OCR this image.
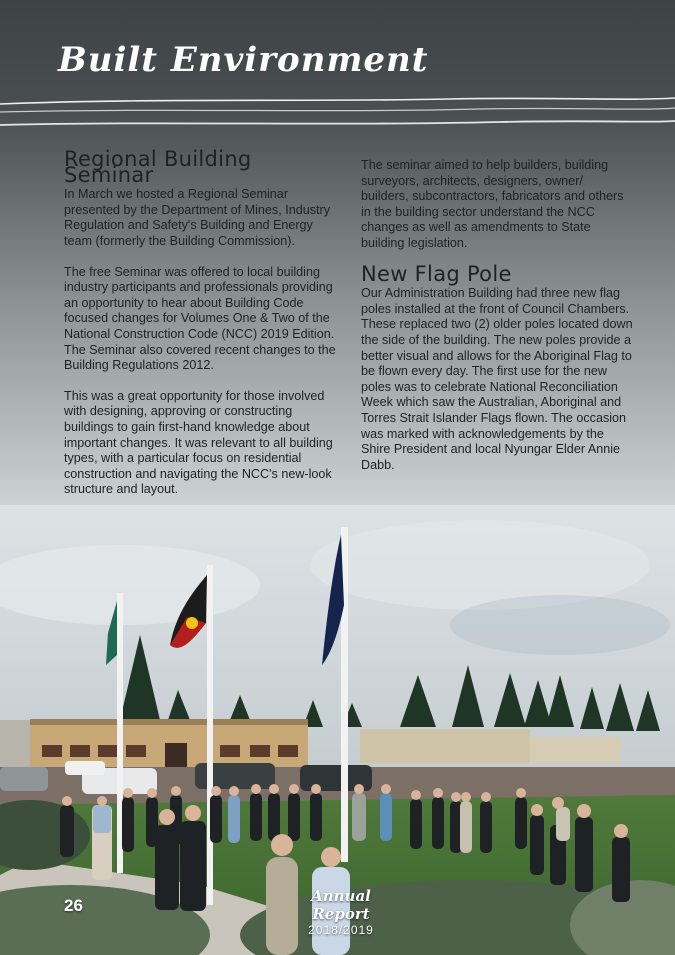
Built Environment
Regional Building Seminar

In March we hosted a Regional Seminar presented by the Department of Mines, Industry Regulation and Safety's Building and Energy team (formerly the Building Commission).

The free Seminar was offered to local building industry participants and professionals providing an opportunity to hear about Building Code focused changes for Volumes One & Two of the National Construction Code (NCC) 2019 Edition. The Seminar also covered recent changes to the Building Regulations 2012.

This was a great opportunity for those involved with designing, approving or constructing buildings to gain first-hand knowledge about important changes. It was relevant to all building types, with a particular focus on residential construction and navigating the NCC's new-look structure and layout.

The seminar aimed to help builders, building surveyors, architects, designers, owner/ builders, subcontractors, fabricators and others in the building sector understand the NCC changes as well as amendments to State building legislation.

New Flag Pole

Our Administration Building had three new flag poles installed at the front of Council Chambers. These replaced two (2) older poles located down the side of the building. The new poles provide a better visual and allows for the Aboriginal Flag to be flown every day. The first use for the new poles was to celebrate National Reconciliation Week which saw the Australian, Aboriginal and Torres Strait Islander Flags flown. The occasion was marked with acknowledgements by the Shire President and local Nyungar Elder Annie Dabb.

26	Annual Report
2018/2019
